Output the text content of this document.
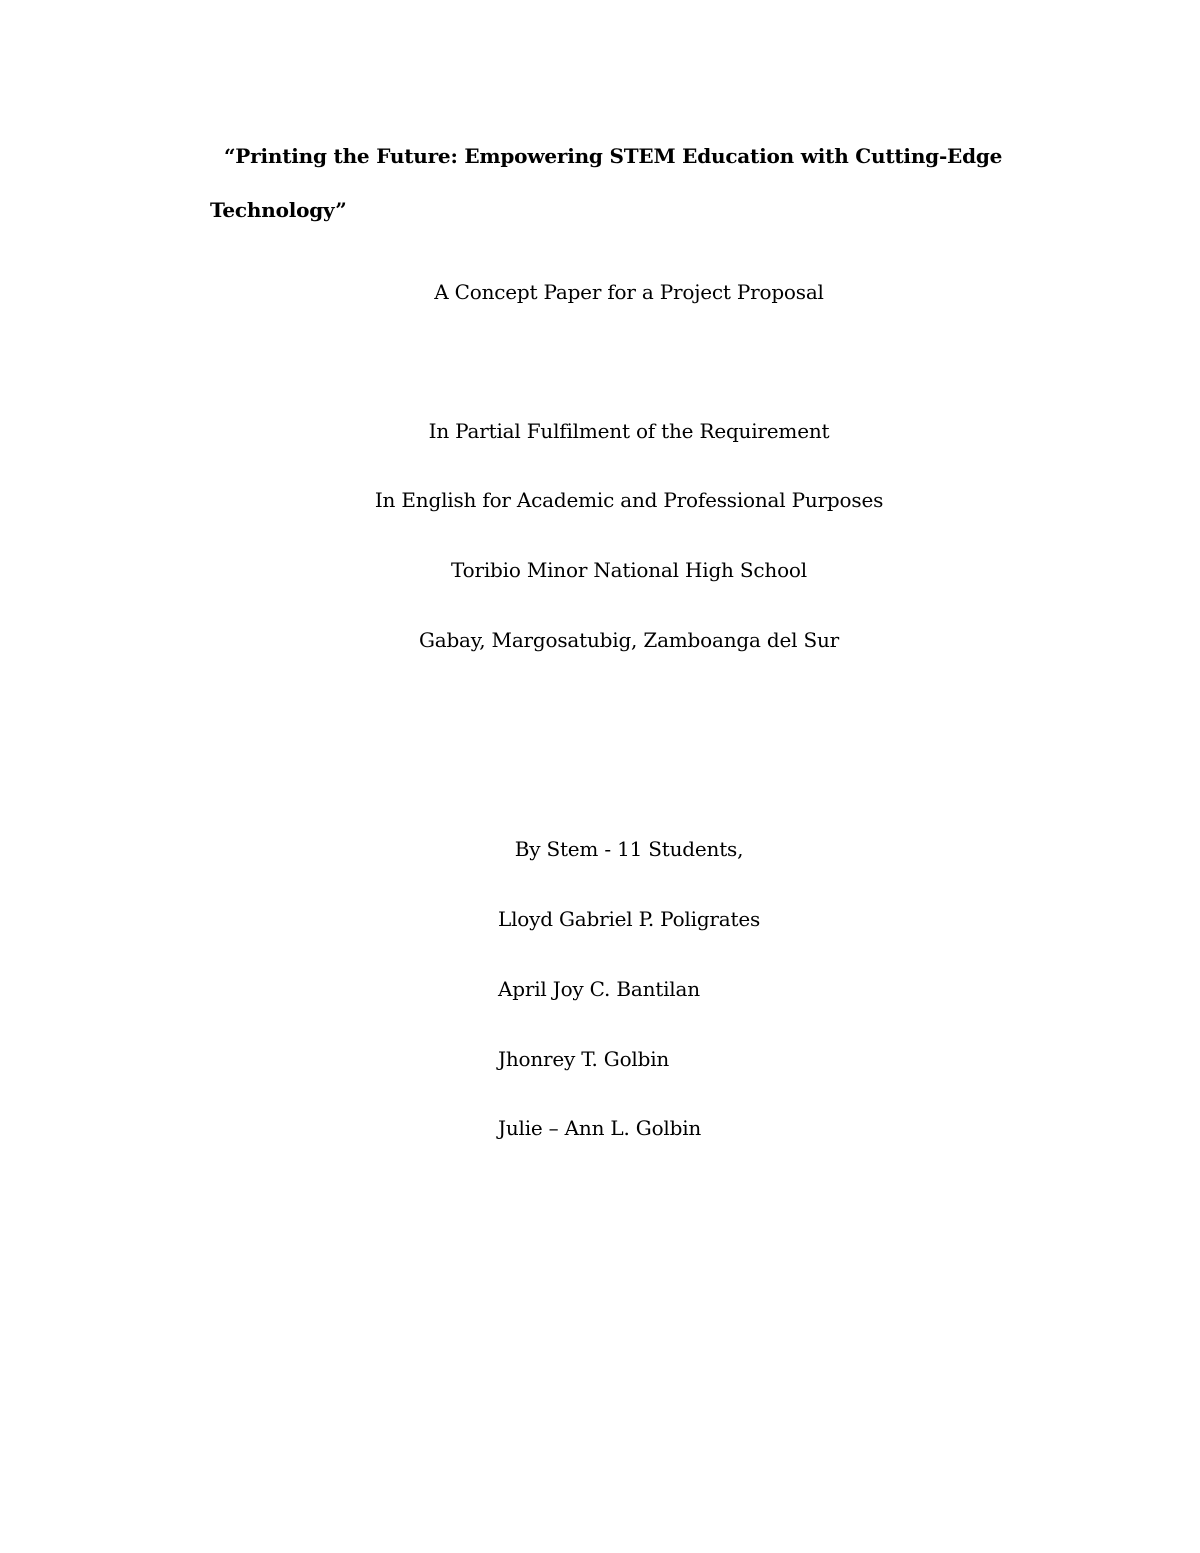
“Printing the Future: Empowering STEM Education with Cutting-Edge
Technology”
A Concept Paper for a Project Proposal
In Partial Fulfilment of the Requirement
In English for Academic and Professional Purposes
Toribio Minor National High School
Gabay, Margosatubig, Zamboanga del Sur
By Stem - 11 Students,
Lloyd Gabriel P. Poligrates
April Joy C. Bantilan
Jhonrey T. Golbin
Julie – Ann L. Golbin
